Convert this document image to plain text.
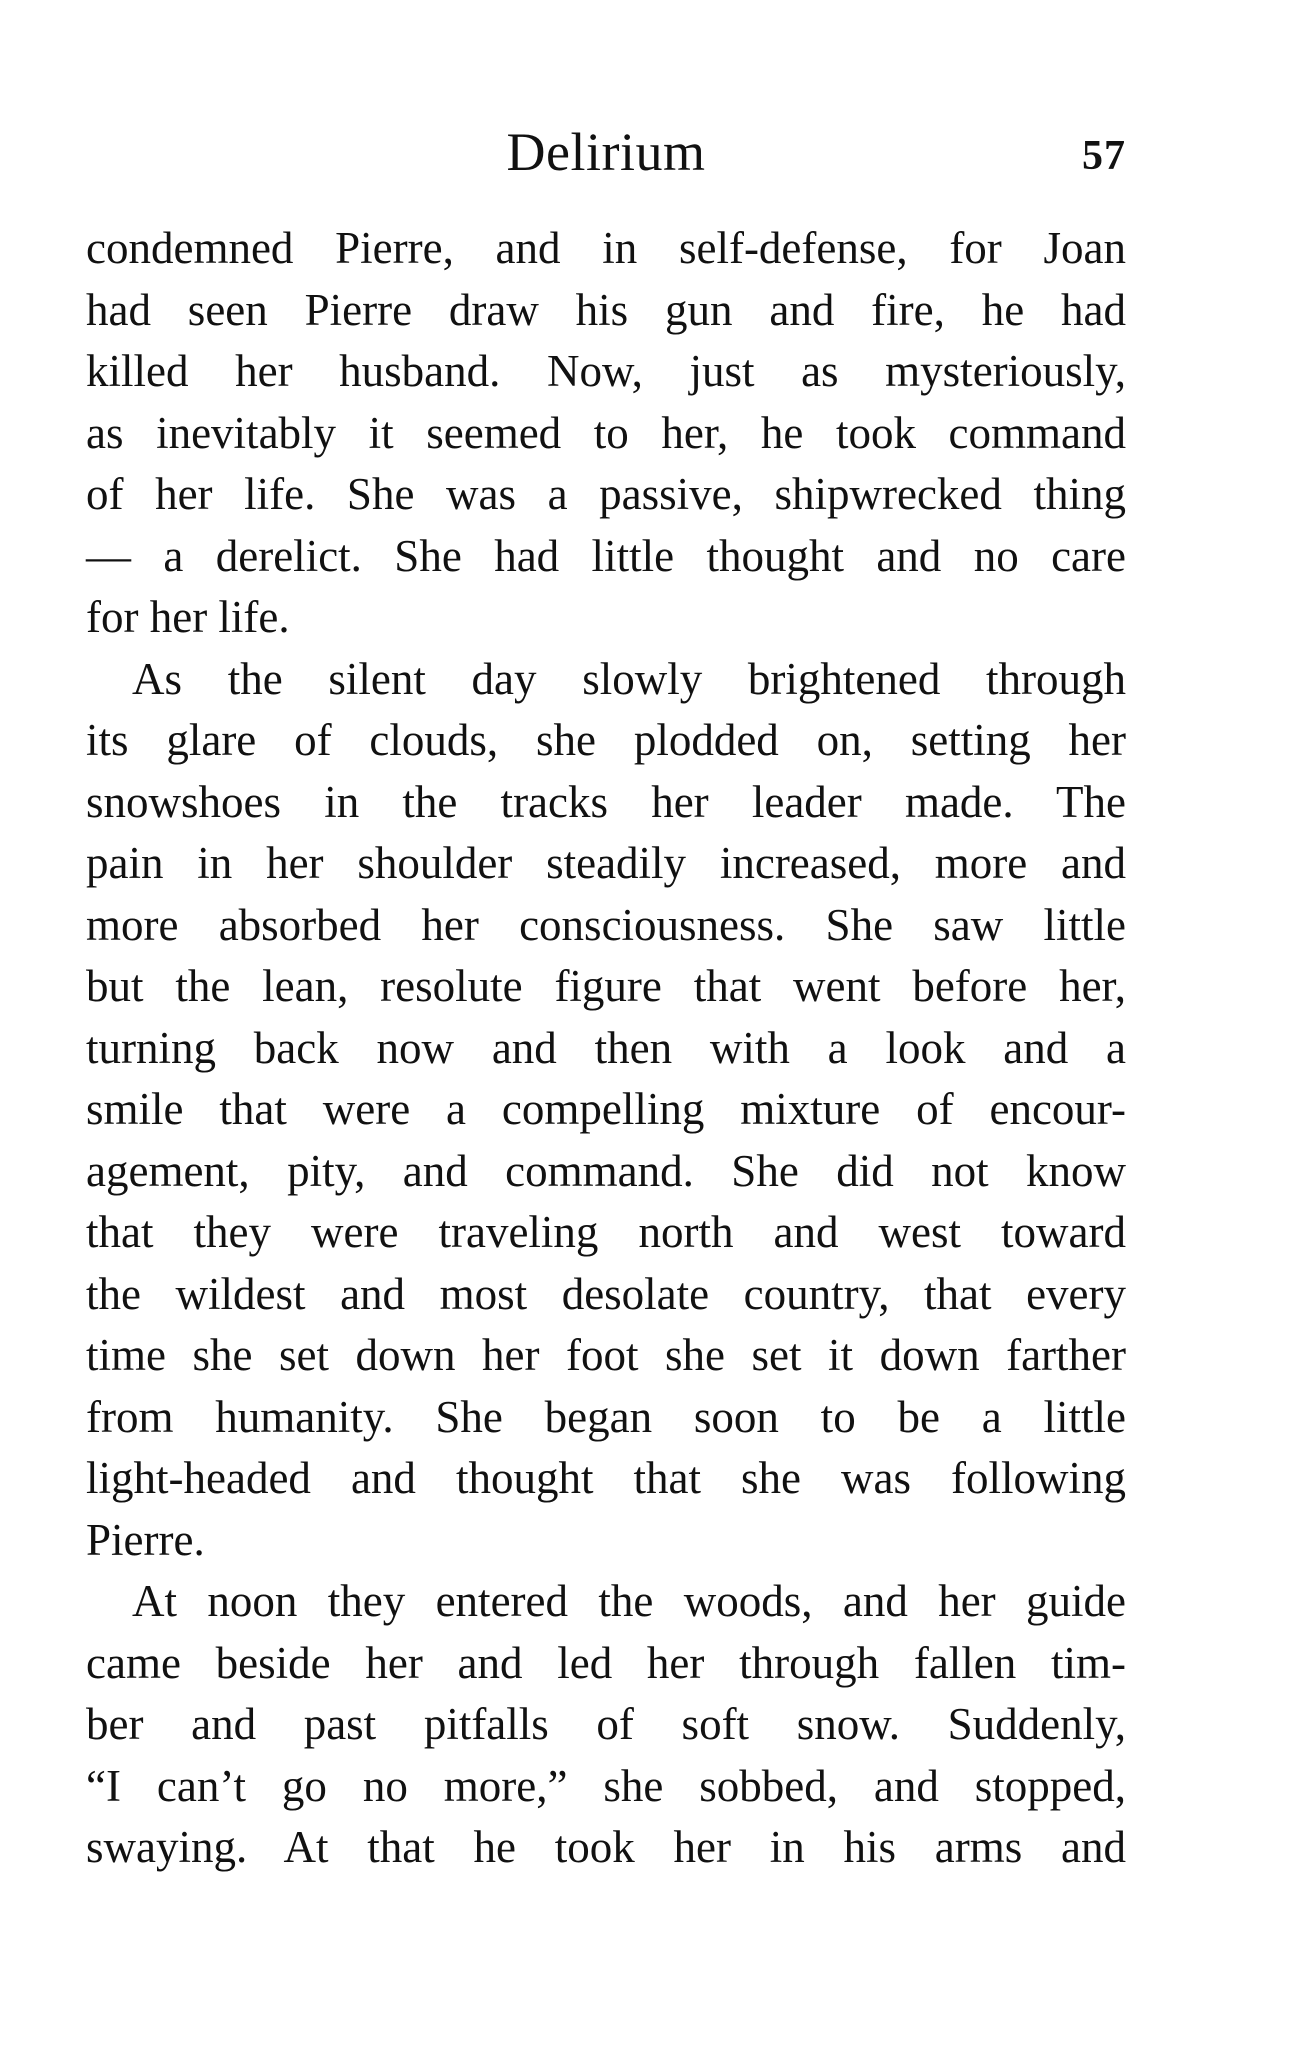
Delirium	57
condemned Pierre, and in self-defense, for Joan
had seen Pierre draw his gun and fire, he had
killed her husband. Now, just as mysteriously,
as inevitably it seemed to her, he took command
of her life. She was a passive, shipwrecked thing
— a derelict. She had little thought and no care
for her life.
As the silent day slowly brightened through
its glare of clouds, she plodded on, setting her
snowshoes in the tracks her leader made. The
pain in her shoulder steadily increased, more and
more absorbed her consciousness. She saw little
but the lean, resolute figure that went before her,
turning back now and then with a look and a
smile that were a compelling mixture of encour-
agement, pity, and command. She did not know
that they were traveling north and west toward
the wildest and most desolate country, that every
time she set down her foot she set it down farther
from humanity. She began soon to be a little
light-headed and thought that she was following
Pierre.
At noon they entered the woods, and her guide
came beside her and led her through fallen tim-
ber and past pitfalls of soft snow. Suddenly,
“I can’t go no more,” she sobbed, and stopped,
swaying. At that he took her in his arms and
